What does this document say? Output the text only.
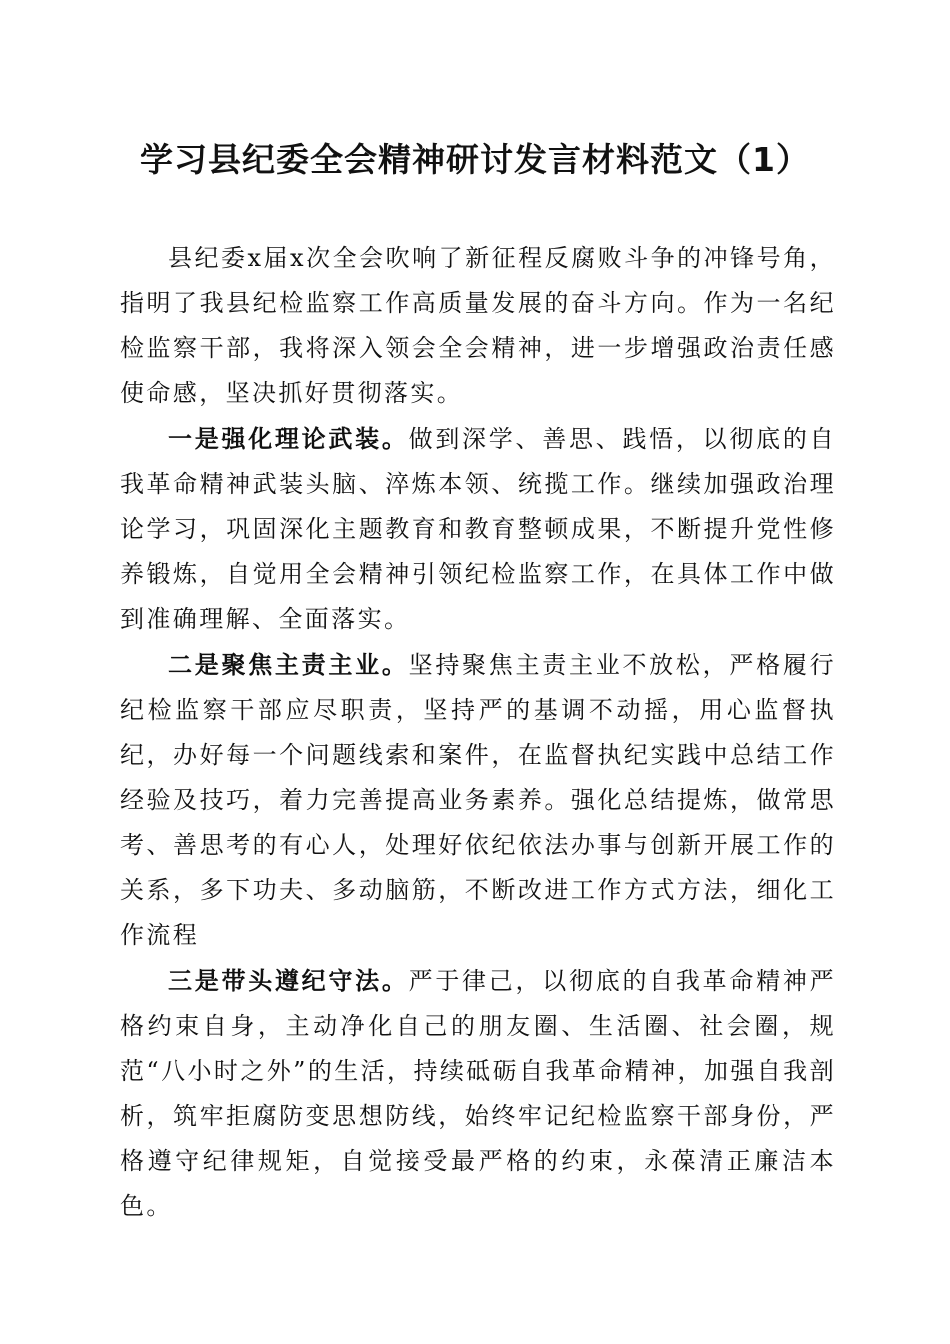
学习县纪委全会精神研讨发言材料范文（1）

县纪委x届x次全会吹响了新征程反腐败斗争的冲锋号角，指明了我县纪检监察工作高质量发展的奋斗方向。作为一名纪检监察干部，我将深入领会全会精神，进一步增强政治责任感使命感，坚决抓好贯彻落实。

一是强化理论武装。做到深学、善思、践悟，以彻底的自我革命精神武装头脑、淬炼本领、统揽工作。继续加强政治理论学习，巩固深化主题教育和教育整顿成果，不断提升党性修养锻炼，自觉用全会精神引领纪检监察工作，在具体工作中做到准确理解、全面落实。

二是聚焦主责主业。坚持聚焦主责主业不放松，严格履行纪检监察干部应尽职责，坚持严的基调不动摇，用心监督执纪，办好每一个问题线索和案件，在监督执纪实践中总结工作经验及技巧，着力完善提高业务素养。强化总结提炼，做常思考、善思考的有心人，处理好依纪依法办事与创新开展工作的关系，多下功夫、多动脑筋，不断改进工作方式方法，细化工作流程

三是带头遵纪守法。严于律己，以彻底的自我革命精神严格约束自身，主动净化自己的朋友圈、生活圈、社会圈，规范“八小时之外”的生活，持续砥砺自我革命精神，加强自我剖析，筑牢拒腐防变思想防线，始终牢记纪检监察干部身份，严格遵守纪律规矩，自觉接受最严格的约束，永葆清正廉洁本色。
